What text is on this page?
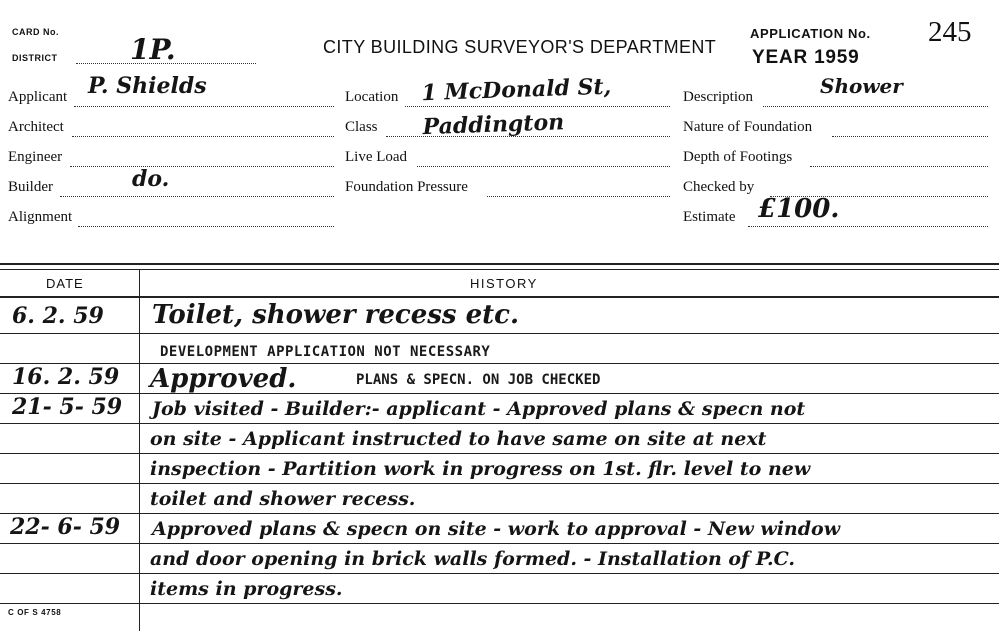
CARD No.
DISTRICT	1P.	CITY BUILDING SURVEYOR'S DEPARTMENT
APPLICATION No. 245
YEAR 1959
Applicant P. Shields
Architect
Engineer
Builder	do.
Alignment
Location 1 McDonald St, Paddington
Class
Live Load
Foundation Pressure
Description	Shower
Nature of Foundation
Depth of Footings
Checked by
Estimate £100.
DATE	HISTORY
6. 2. 59 Toilet, shower recess etc.
DEVELOPMENT APPLICATION NOT NECESSARY
16. 2. 59 Approved.	PLANS & SPECN. ON JOB CHECKED
21- 5- 59 Job visited - Builder:- applicant - Approved plans & specn not
on site - Applicant instructed to have same on site at next
inspection - Partition work in progress on 1st. flr. level to new
toilet and shower recess.
22- 6- 59 Approved plans & specn on site - work to approval - New window
and door opening in brick walls formed. - Installation of P.C.
items in progress.
C OF S 4758
